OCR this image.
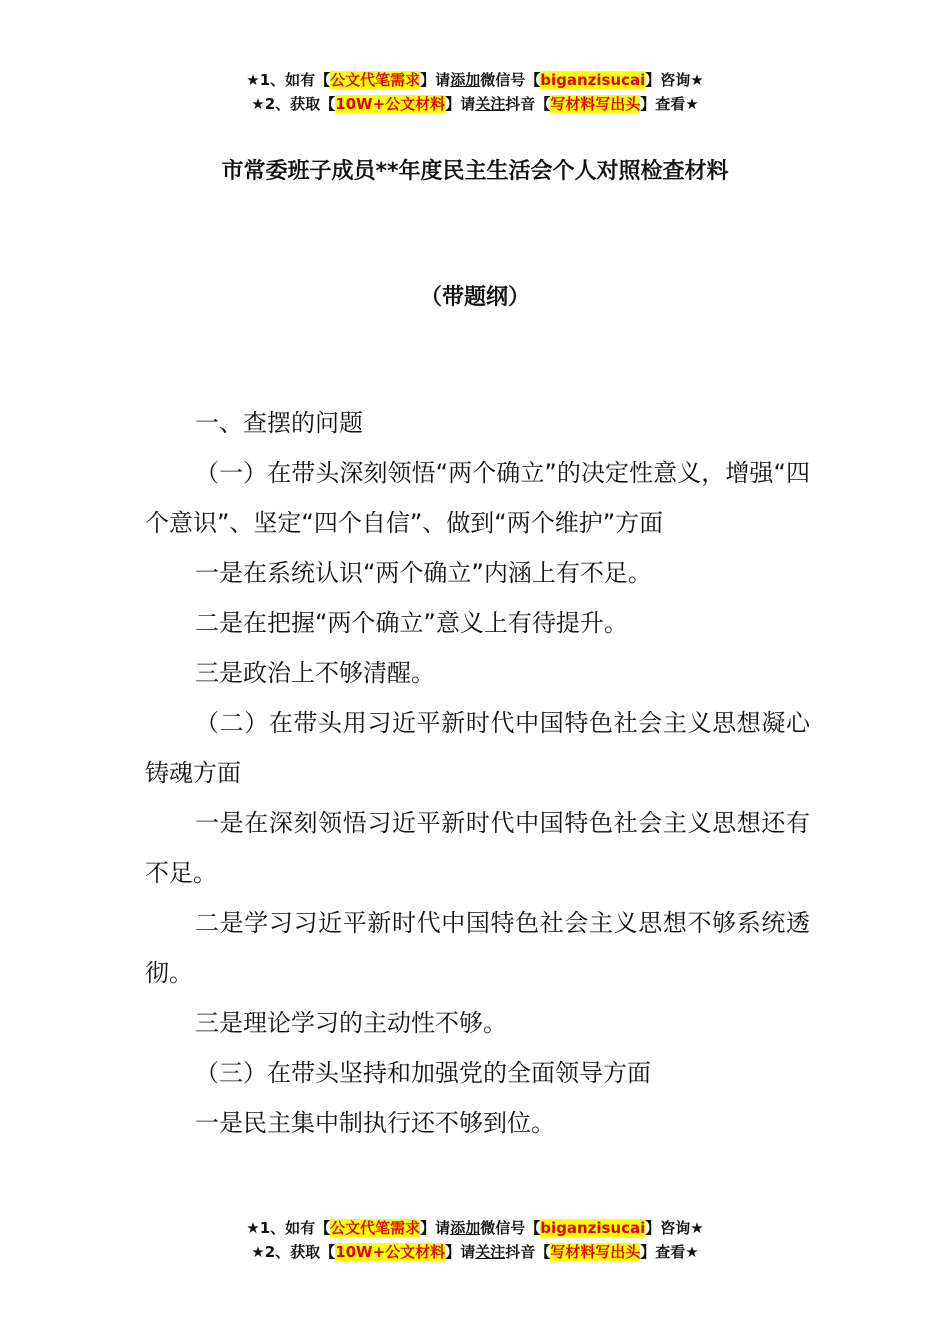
★1、如有【公文代笔需求】请添加微信号【biganzisucai】咨询★
★2、获取【10W+公文材料】请关注抖音【写材料写出头】查看★
市常委班子成员**年度民主生活会个人对照检查材料
（带题纲）

一、查摆的问题

（一）在带头深刻领悟“两个确立”的决定性意义，增强“四个意识”、坚定“四个自信”、做到“两个维护”方面

一是在系统认识“两个确立”内涵上有不足。

二是在把握“两个确立”意义上有待提升。

三是政治上不够清醒。

（二）在带头用习近平新时代中国特色社会主义思想凝心铸魂方面

一是在深刻领悟习近平新时代中国特色社会主义思想还有不足。

二是学习习近平新时代中国特色社会主义思想不够系统透彻。

三是理论学习的主动性不够。

（三）在带头坚持和加强党的全面领导方面

一是民主集中制执行还不够到位。

★1、如有【公文代笔需求】请添加微信号【biganzisucai】咨询★
★2、获取【10W+公文材料】请关注抖音【写材料写出头】查看★
